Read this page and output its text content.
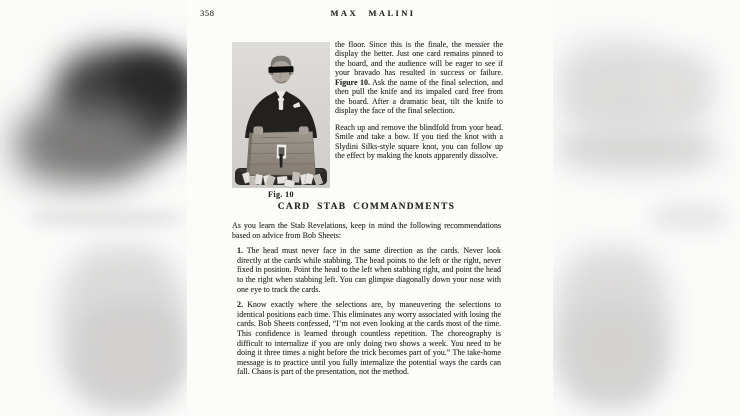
358	MAX MALINI
Fig. 10

the floor. Since this is the finale, the messier the display the better. Just one card remains pinned to the board, and the audience will be eager to see if your bravado has resulted in success or failure. Figure 10. Ask the name of the final selection, and then pull the knife and its impaled card free from the board. After a dramatic beat, tilt the knife to display the face of the final selection.

Reach up and remove the blindfold from your head. Smile and take a bow. If you tied the knot with a Slydini Silks-style square knot, you can follow up the effect by making the knots apparently dissolve.

CARD STAB COMMANDMENTS

As you learn the Stab Revelations, keep in mind the following recommendations based on advice from Bob Sheets:

1. The head must never face in the same direction as the cards. Never look directly at the cards while stabbing. The head points to the left or the right, never fixed in position. Point the head to the left when stabbing right, and point the head to the right when stabbing left. You can glimpse diagonally down your nose with one eye to track the cards.

2. Know exactly where the selections are, by maneuvering the selections to identical positions each time. This eliminates any worry associated with losing the cards. Bob Sheets confessed, “I’m not even looking at the cards most of the time. This confidence is learned through countless repetition. The choreography is difficult to internalize if you are only doing two shows a week. You need to be doing it three times a night before the trick becomes part of you.” The take-home message is to practice until you fully internalize the potential ways the cards can fall. Chaos is part of the presentation, not the method.
